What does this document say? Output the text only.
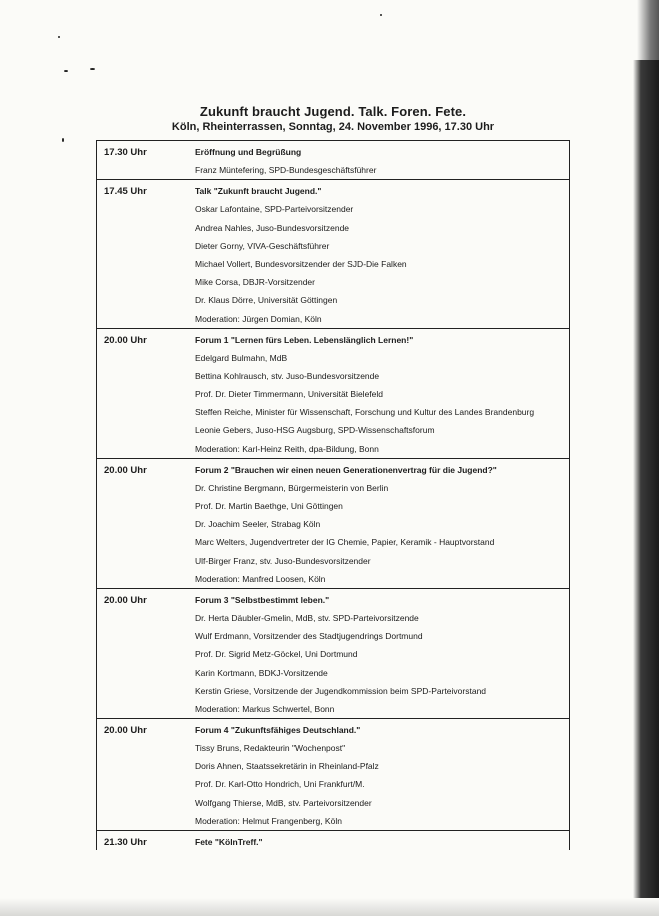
Zukunft braucht Jugend. Talk. Foren. Fete.

Köln, Rheinterrassen, Sonntag, 24. November 1996, 17.30 Uhr

17.30 Uhr	Eröffnung und Begrüßung
Franz Müntefering, SPD-Bundesgeschäftsführer
17.45 Uhr	Talk "Zukunft braucht Jugend."
Oskar Lafontaine, SPD-Parteivorsitzender
Andrea Nahles, Juso-Bundesvorsitzende
Dieter Gorny, VIVA-Geschäftsführer
Michael Vollert, Bundesvorsitzender der SJD-Die Falken
Mike Corsa, DBJR-Vorsitzender
Dr. Klaus Dörre, Universität Göttingen
Moderation: Jürgen Domian, Köln
20.00 Uhr	Forum 1 "Lernen fürs Leben. Lebenslänglich Lernen!"
Edelgard Bulmahn, MdB
Bettina Kohlrausch, stv. Juso-Bundesvorsitzende
Prof. Dr. Dieter Timmermann, Universität Bielefeld
Steffen Reiche, Minister für Wissenschaft, Forschung und Kultur des Landes Brandenburg
Leonie Gebers, Juso-HSG Augsburg, SPD-Wissenschaftsforum
Moderation: Karl-Heinz Reith, dpa-Bildung, Bonn
20.00 Uhr	Forum 2 "Brauchen wir einen neuen Generationenvertrag für die Jugend?"
Dr. Christine Bergmann, Bürgermeisterin von Berlin
Prof. Dr. Martin Baethge, Uni Göttingen
Dr. Joachim Seeler, Strabag Köln
Marc Welters, Jugendvertreter der IG Chemie, Papier, Keramik - Hauptvorstand
Ulf-Birger Franz, stv. Juso-Bundesvorsitzender
Moderation: Manfred Loosen, Köln
20.00 Uhr	Forum 3 "Selbstbestimmt leben."
Dr. Herta Däubler-Gmelin, MdB, stv. SPD-Parteivorsitzende
Wulf Erdmann, Vorsitzender des Stadtjugendrings Dortmund
Prof. Dr. Sigrid Metz-Göckel, Uni Dortmund
Karin Kortmann, BDKJ-Vorsitzende
Kerstin Griese, Vorsitzende der Jugendkommission beim SPD-Parteivorstand
Moderation: Markus Schwertel, Bonn
20.00 Uhr	Forum 4 "Zukunftsfähiges Deutschland."
Tissy Bruns, Redakteurin "Wochenpost"
Doris Ahnen, Staatssekretärin in Rheinland-Pfalz
Prof. Dr. Karl-Otto Hondrich, Uni Frankfurt/M.
Wolfgang Thierse, MdB, stv. Parteivorsitzender
Moderation: Helmut Frangenberg, Köln
21.30 Uhr	Fete "KölnTreff."
